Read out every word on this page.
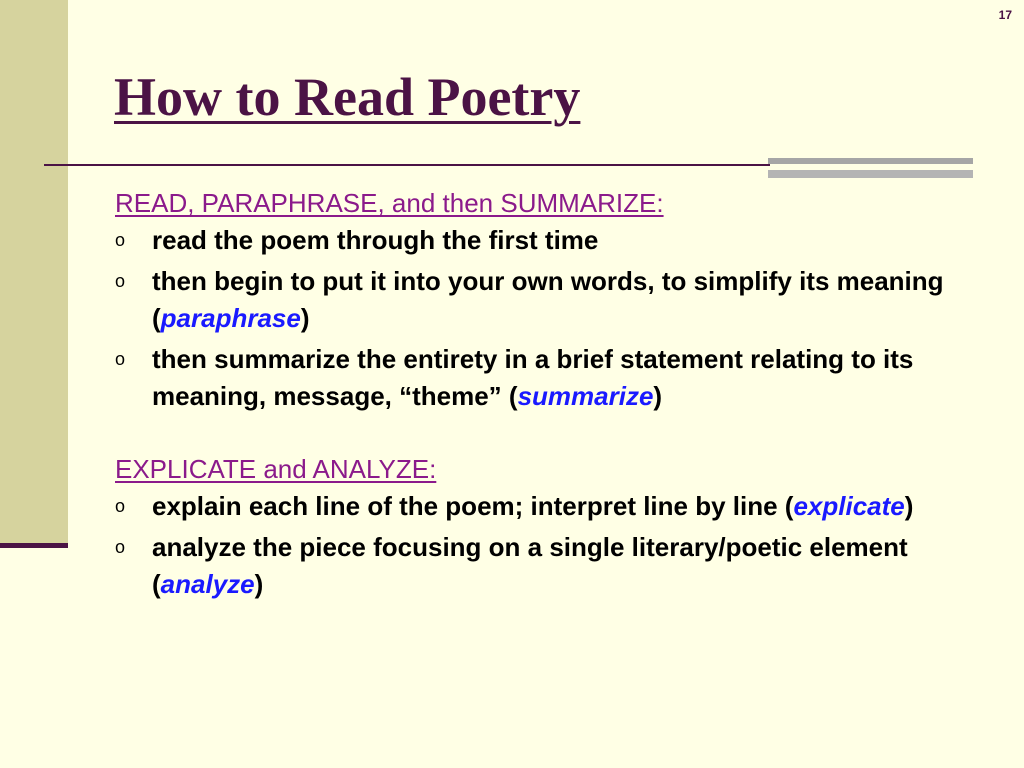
17
How to Read Poetry
READ, PARAPHRASE, and then SUMMARIZE:
o read the poem through the first time
o then begin to put it into your own words, to simplify its meaning (paraphrase)
o then summarize the entirety in a brief statement relating to its meaning, message, “theme” (summarize)
EXPLICATE and ANALYZE:
o explain each line of the poem; interpret line by line (explicate)
o analyze the piece focusing on a single literary/poetic element (analyze)
